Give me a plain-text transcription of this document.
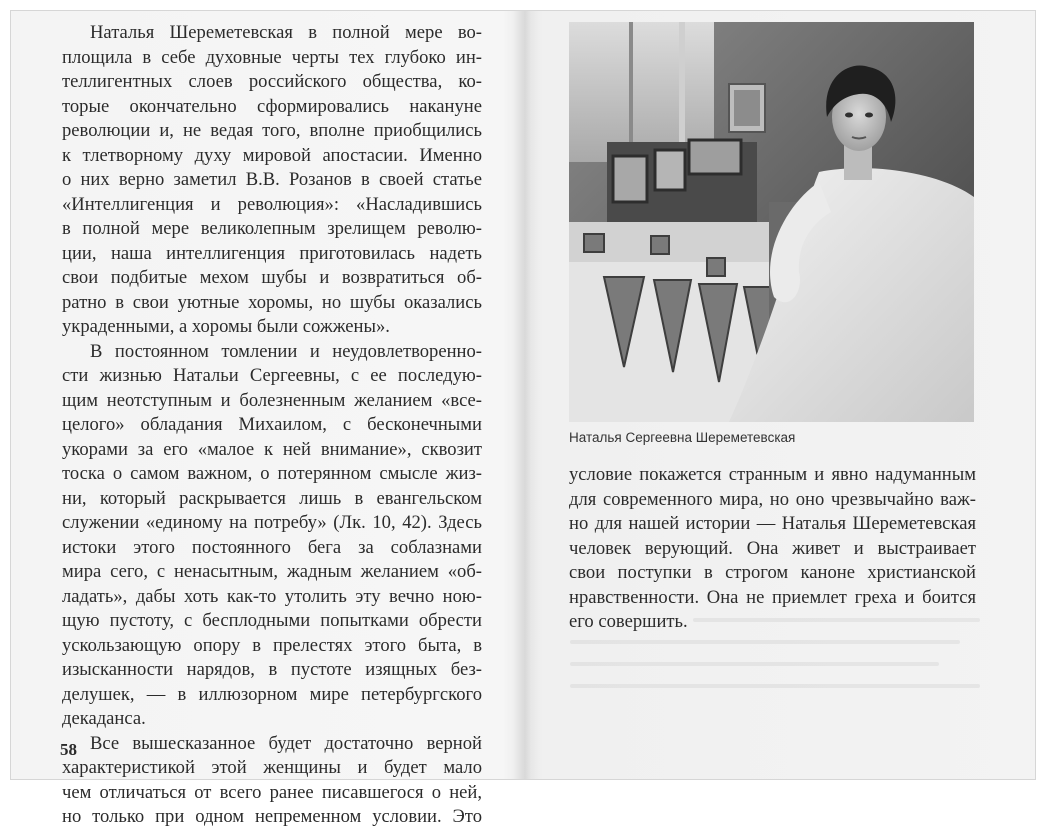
Наталья Шереметевская в полной мере во-
площила в себе духовные черты тех глубоко ин-
теллигентных слоев российского общества, ко-
торые окончательно сформировались накануне
революции и, не ведая того, вполне приобщились
к тлетворному духу мировой апостасии. Именно
о них верно заметил В.В. Розанов в своей статье
«Интеллигенция и революция»: «Насладившись
в полной мере великолепным зрелищем револю-
ции, наша интеллигенция приготовилась надеть
свои подбитые мехом шубы и возвратиться об-
ратно в свои уютные хоромы, но шубы оказались
украденными, а хоромы были сожжены».
В постоянном томлении и неудовлетворенно-
сти жизнью Натальи Сергеевны, с ее последую-
щим неотступным и болезненным желанием «все-
целого» обладания Михаилом, с бесконечными
укорами за его «малое к ней внимание», сквозит
тоска о самом важном, о потерянном смысле жиз-
ни, который раскрывается лишь в евангельском
служении «единому на потребу» (Лк. 10, 42). Здесь
истоки этого постоянного бега за соблазнами
мира сего, с ненасытным, жадным желанием «об-
ладать», дабы хоть как-то утолить эту вечно ною-
щую пустоту, с бесплодными попытками обрести
ускользающую опору в прелестях этого быта, в
изысканности нарядов, в пустоте изящных без-
делушек, — в иллюзорном мире петербургского
декаданса.
Все вышесказанное будет достаточно верной
характеристикой этой женщины и будет мало
чем отличаться от всего ранее писавшегося о ней,
но только при одном непременном условии. Это
58
Наталья Сергеевна Шереметевская
условие покажется странным и явно надуманным
для современного мира, но оно чрезвычайно важ-
но для нашей истории — Наталья Шереметевская
человек верующий. Она живет и выстраивает
свои поступки в строгом каноне христианской
нравственности. Она не приемлет греха и боится
его совершить.
